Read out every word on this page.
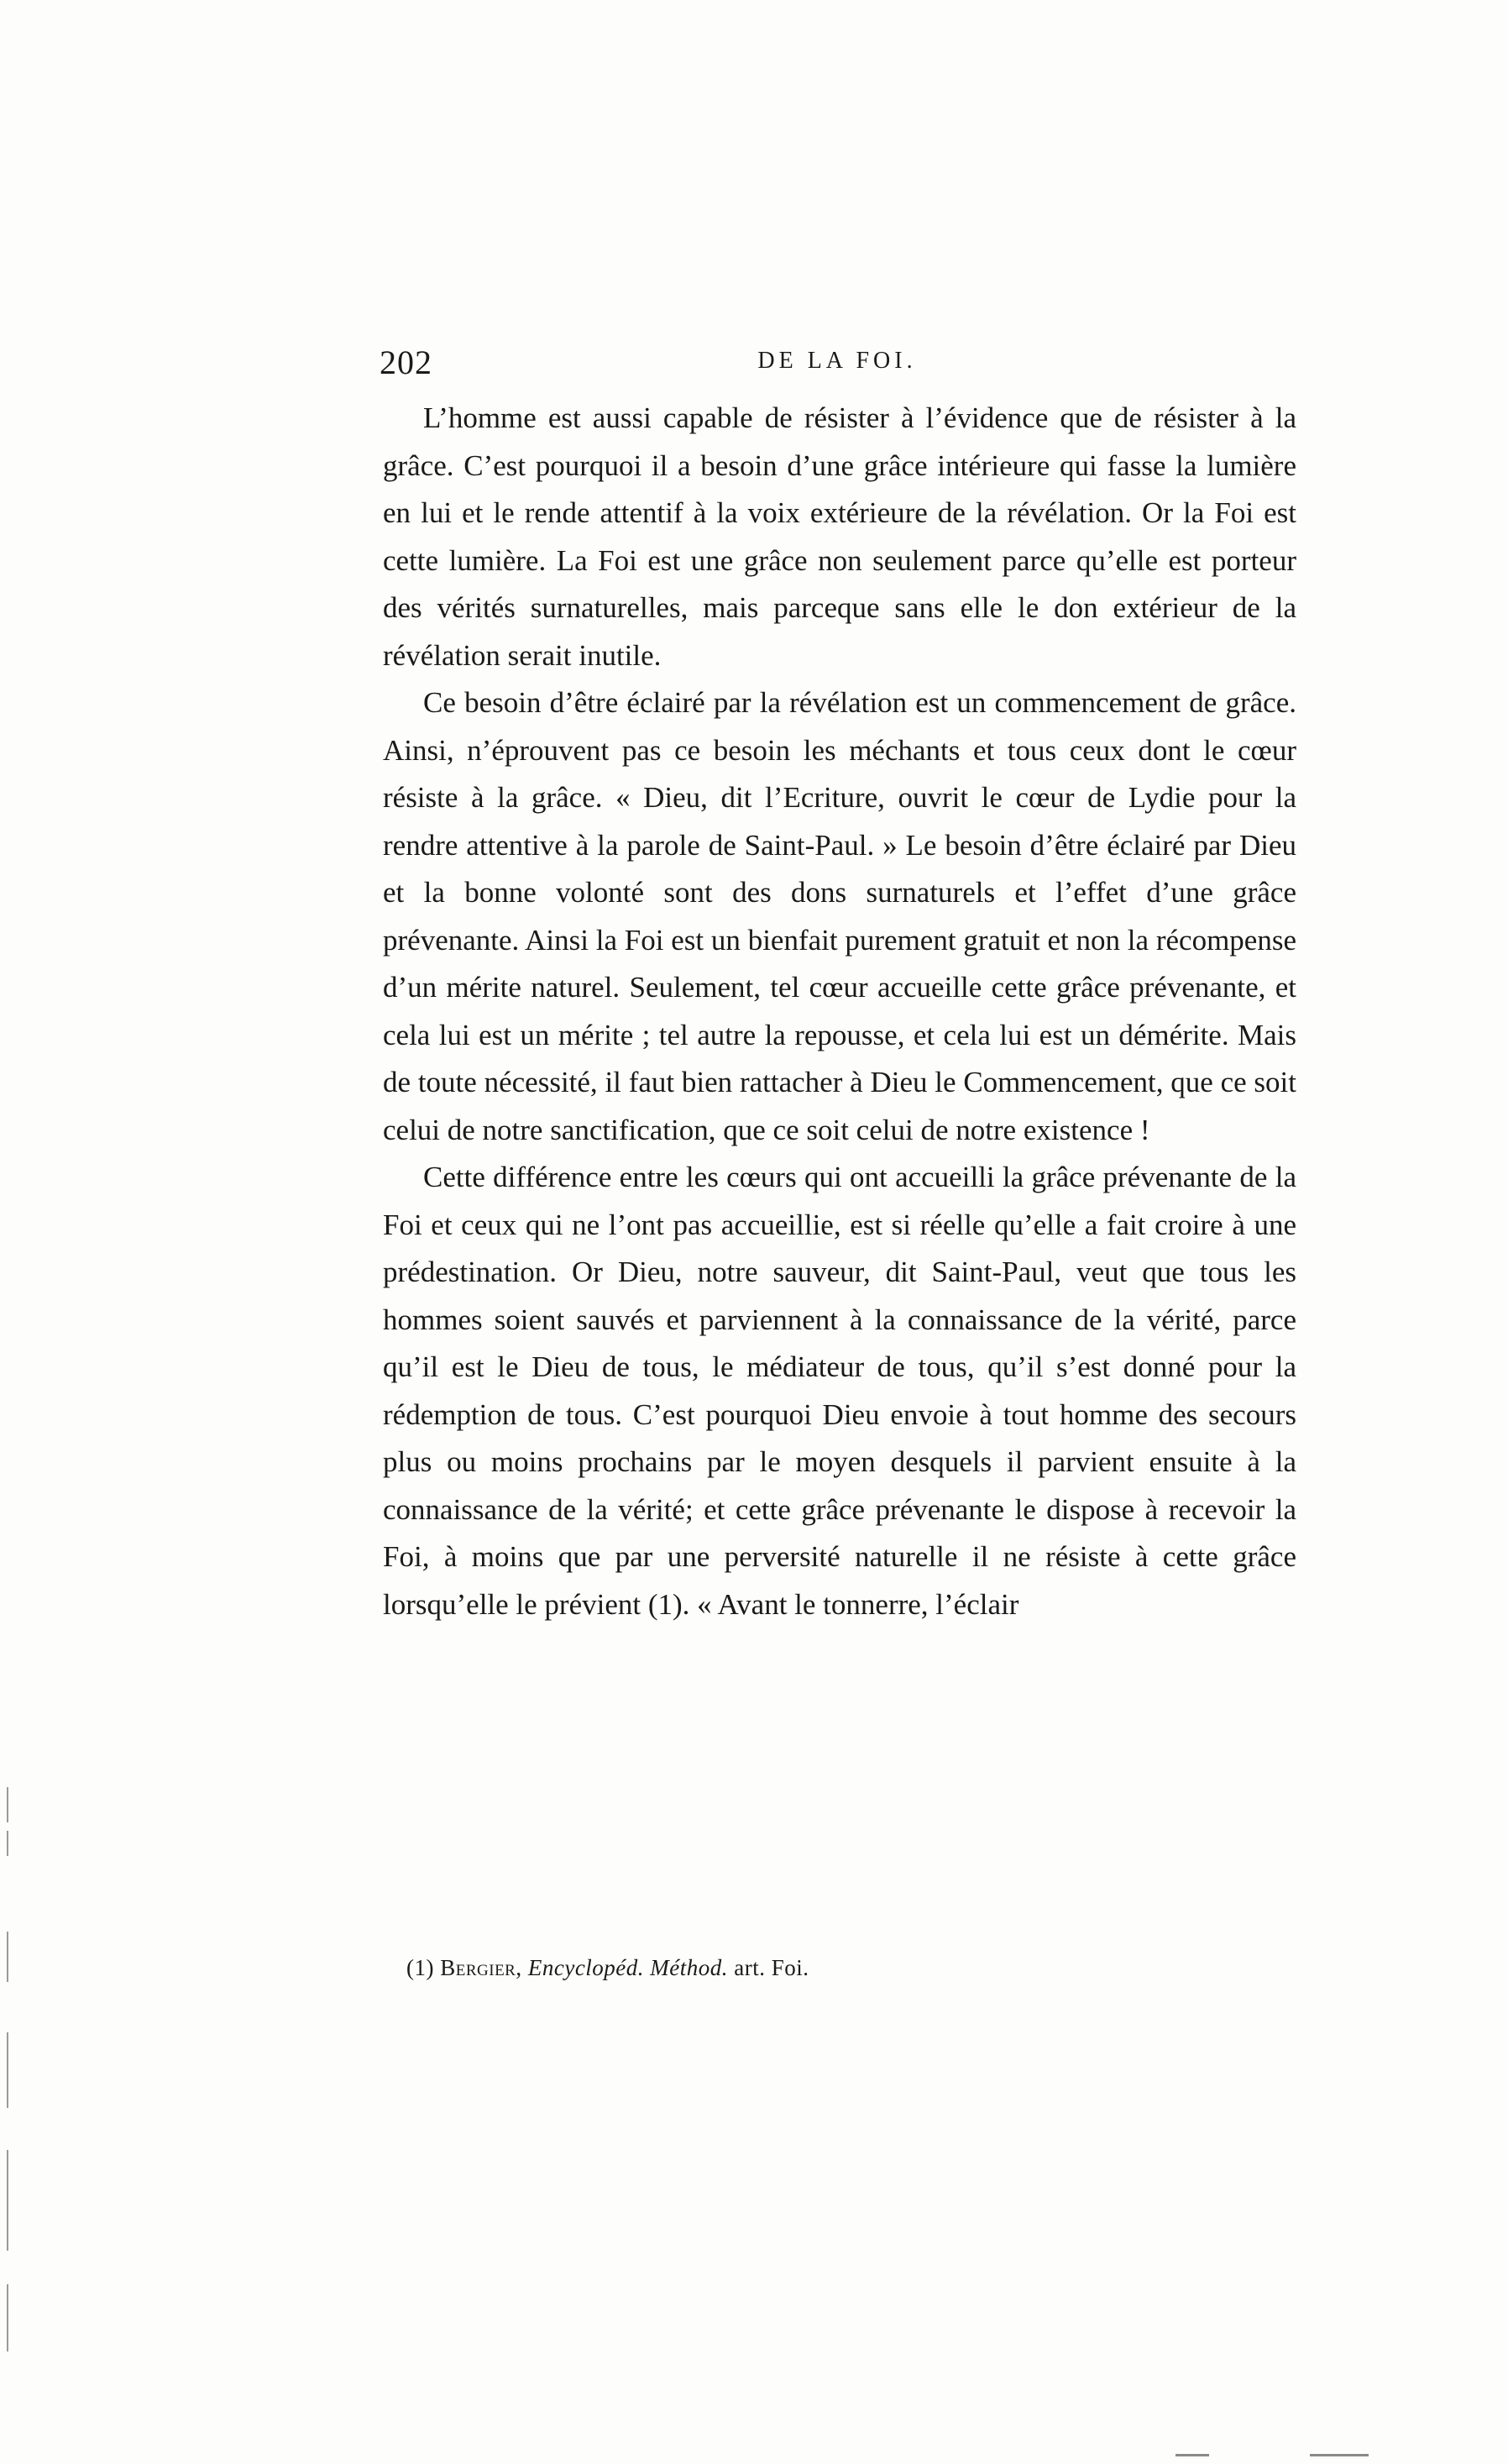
202	DE LA FOI.

L’homme est aussi capable de résister à l’évidence que de résister à la grâce. C’est pourquoi il a besoin d’une grâce intérieure qui fasse la lumière en lui et le rende attentif à la voix extérieure de la révélation. Or la Foi est cette lumière. La Foi est une grâce non seulement parce qu’elle est porteur des vérités surnaturelles, mais parceque sans elle le don extérieur de la révélation serait inutile.

Ce besoin d’être éclairé par la révélation est un commencement de grâce. Ainsi, n’éprouvent pas ce besoin les méchants et tous ceux dont le cœur résiste à la grâce. « Dieu, dit l’Ecriture, ouvrit le cœur de Lydie pour la rendre attentive à la parole de Saint-Paul. » Le besoin d’être éclairé par Dieu et la bonne volonté sont des dons surnaturels et l’effet d’une grâce prévenante. Ainsi la Foi est un bienfait purement gratuit et non la récompense d’un mérite naturel. Seulement, tel cœur accueille cette grâce prévenante, et cela lui est un mérite ; tel autre la repousse, et cela lui est un démérite. Mais de toute nécessité, il faut bien rattacher à Dieu le Commencement, que ce soit celui de notre sanctification, que ce soit celui de notre existence !

Cette différence entre les cœurs qui ont accueilli la grâce prévenante de la Foi et ceux qui ne l’ont pas accueillie, est si réelle qu’elle a fait croire à une prédestination. Or Dieu, notre sauveur, dit Saint-Paul, veut que tous les hommes soient sauvés et parviennent à la connaissance de la vérité, parce qu’il est le Dieu de tous, le médiateur de tous, qu’il s’est donné pour la rédemption de tous. C’est pourquoi Dieu envoie à tout homme des secours plus ou moins prochains par le moyen desquels il parvient ensuite à la connaissance de la vérité; et cette grâce prévenante le dispose à recevoir la Foi, à moins que par une perversité naturelle il ne résiste à cette grâce lorsqu’elle le prévient (1). « Avant le tonnerre, l’éclair

(1) Bergier, Encyclopéd. Méthod. art. Foi.
